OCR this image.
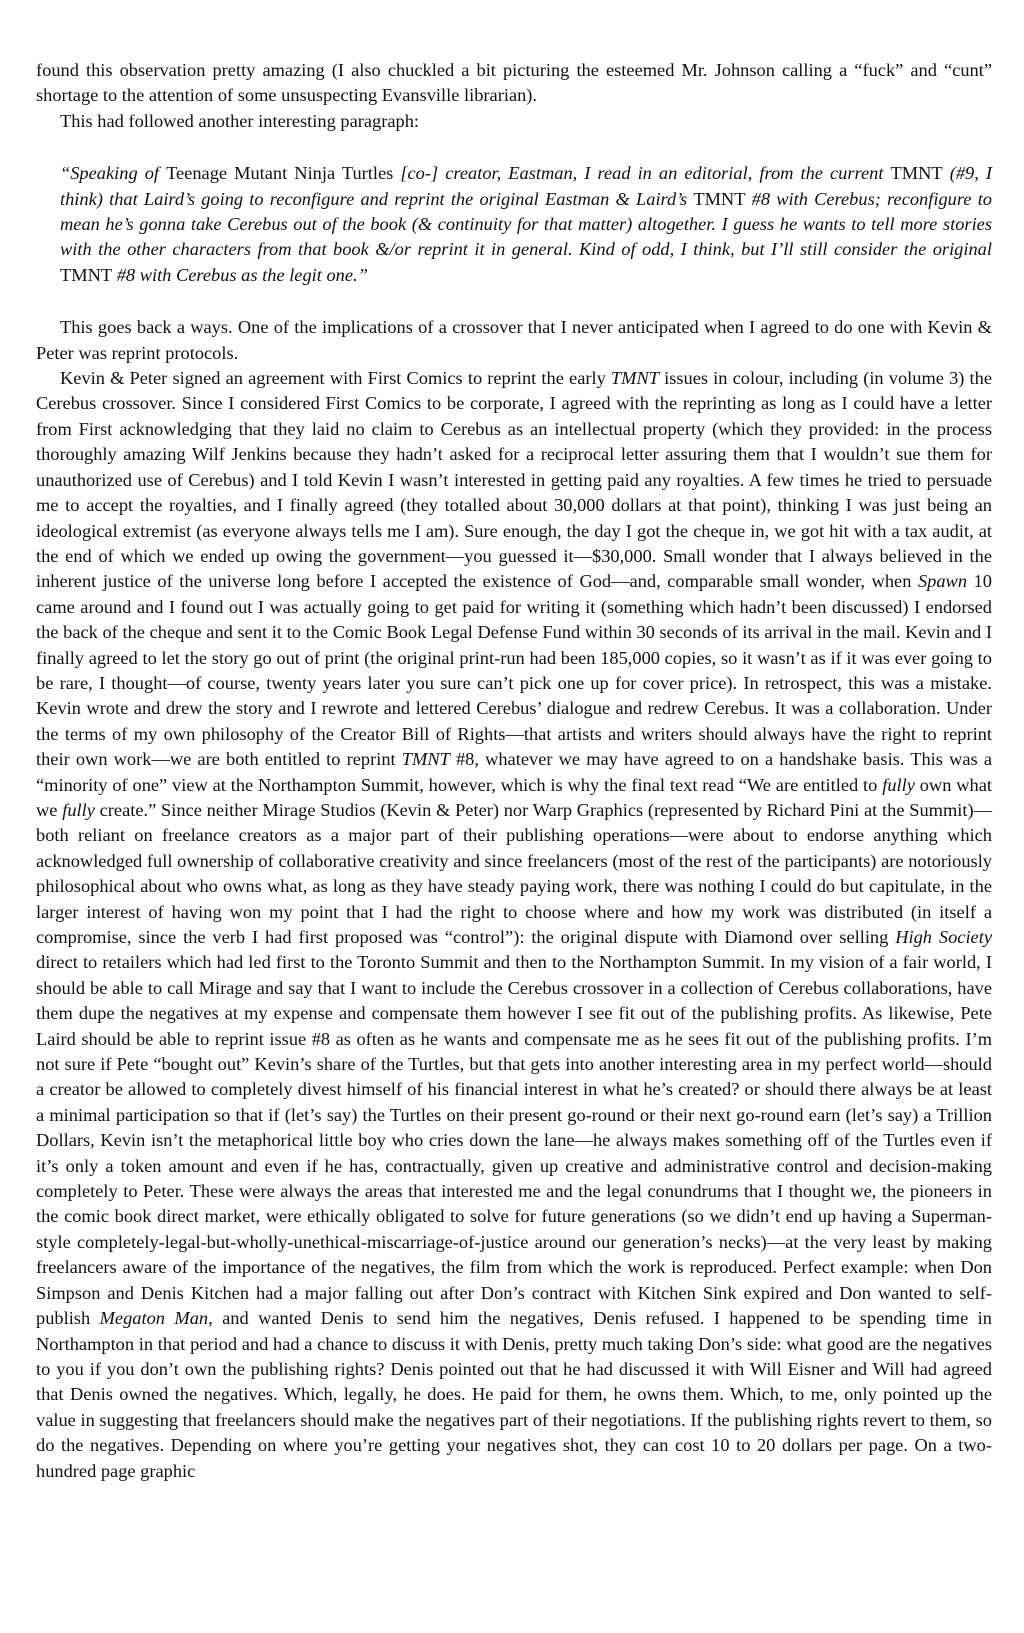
found this observation pretty amazing (I also chuckled a bit picturing the esteemed Mr. Johnson calling a “fuck” and “cunt” shortage to the attention of some unsuspecting Evansville librarian).

This had followed another interesting paragraph:

“Speaking of Teenage Mutant Ninja Turtles [co-] creator, Eastman, I read in an editorial, from the current TMNT (#9, I think) that Laird’s going to reconfigure and reprint the original Eastman & Laird’s TMNT #8 with Cerebus; reconfigure to mean he’s gonna take Cerebus out of the book (& continuity for that matter) altogether. I guess he wants to tell more stories with the other characters from that book &/or reprint it in general. Kind of odd, I think, but I’ll still consider the original TMNT #8 with Cerebus as the legit one.”

This goes back a ways. One of the implications of a crossover that I never anticipated when I agreed to do one with Kevin & Peter was reprint protocols.

Kevin & Peter signed an agreement with First Comics to reprint the early TMNT issues in colour, including (in volume 3) the Cerebus crossover. Since I considered First Comics to be corporate, I agreed with the reprinting as long as I could have a letter from First acknowledging that they laid no claim to Cerebus as an intellectual property (which they provided: in the process thoroughly amazing Wilf Jenkins because they hadn’t asked for a reciprocal letter assuring them that I wouldn’t sue them for unauthorized use of Cerebus) and I told Kevin I wasn’t interested in getting paid any royalties. A few times he tried to persuade me to accept the royalties, and I finally agreed (they totalled about 30,000 dollars at that point), thinking I was just being an ideological extremist (as everyone always tells me I am). Sure enough, the day I got the cheque in, we got hit with a tax audit, at the end of which we ended up owing the government—you guessed it—$30,000. Small wonder that I always believed in the inherent justice of the universe long before I accepted the existence of God—and, comparable small wonder, when Spawn 10 came around and I found out I was actually going to get paid for writing it (something which hadn’t been discussed) I endorsed the back of the cheque and sent it to the Comic Book Legal Defense Fund within 30 seconds of its arrival in the mail. Kevin and I finally agreed to let the story go out of print (the original print-run had been 185,000 copies, so it wasn’t as if it was ever going to be rare, I thought—of course, twenty years later you sure can’t pick one up for cover price). In retrospect, this was a mistake. Kevin wrote and drew the story and I rewrote and lettered Cerebus’ dialogue and redrew Cerebus. It was a collaboration. Under the terms of my own philosophy of the Creator Bill of Rights—that artists and writers should always have the right to reprint their own work—we are both entitled to reprint TMNT #8, whatever we may have agreed to on a handshake basis. This was a “minority of one” view at the Northampton Summit, however, which is why the final text read “We are entitled to fully own what we fully create.” Since neither Mirage Studios (Kevin & Peter) nor Warp Graphics (represented by Richard Pini at the Summit)— both reliant on freelance creators as a major part of their publishing operations—were about to endorse anything which acknowledged full ownership of collaborative creativity and since freelancers (most of the rest of the participants) are notoriously philosophical about who owns what, as long as they have steady paying work, there was nothing I could do but capitulate, in the larger interest of having won my point that I had the right to choose where and how my work was distributed (in itself a compromise, since the verb I had first proposed was “control”): the original dispute with Diamond over selling High Society direct to retailers which had led first to the Toronto Summit and then to the Northampton Summit. In my vision of a fair world, I should be able to call Mirage and say that I want to include the Cerebus crossover in a collection of Cerebus collaborations, have them dupe the negatives at my expense and compensate them however I see fit out of the publishing profits. As likewise, Pete Laird should be able to reprint issue #8 as often as he wants and compensate me as he sees fit out of the publishing profits. I’m not sure if Pete “bought out” Kevin’s share of the Turtles, but that gets into another interesting area in my perfect world—should a creator be allowed to completely divest himself of his financial interest in what he’s created? or should there always be at least a minimal participation so that if (let’s say) the Turtles on their present go-round or their next go-round earn (let’s say) a Trillion Dollars, Kevin isn’t the metaphorical little boy who cries down the lane—he always makes something off of the Turtles even if it’s only a token amount and even if he has, contractually, given up creative and administrative control and decision-making completely to Peter. These were always the areas that interested me and the legal conundrums that I thought we, the pioneers in the comic book direct market, were ethically obligated to solve for future generations (so we didn’t end up having a Superman-style completely-legal-but-wholly-unethical-miscarriage-of-justice around our generation’s necks)—at the very least by making freelancers aware of the importance of the negatives, the film from which the work is reproduced. Perfect example: when Don Simpson and Denis Kitchen had a major falling out after Don’s contract with Kitchen Sink expired and Don wanted to self-publish Megaton Man, and wanted Denis to send him the negatives, Denis refused. I happened to be spending time in Northampton in that period and had a chance to discuss it with Denis, pretty much taking Don’s side: what good are the negatives to you if you don’t own the publishing rights? Denis pointed out that he had discussed it with Will Eisner and Will had agreed that Denis owned the negatives. Which, legally, he does. He paid for them, he owns them. Which, to me, only pointed up the value in suggesting that freelancers should make the negatives part of their negotiations. If the publishing rights revert to them, so do the negatives. Depending on where you’re getting your negatives shot, they can cost 10 to 20 dollars per page. On a two-hundred page graphic
